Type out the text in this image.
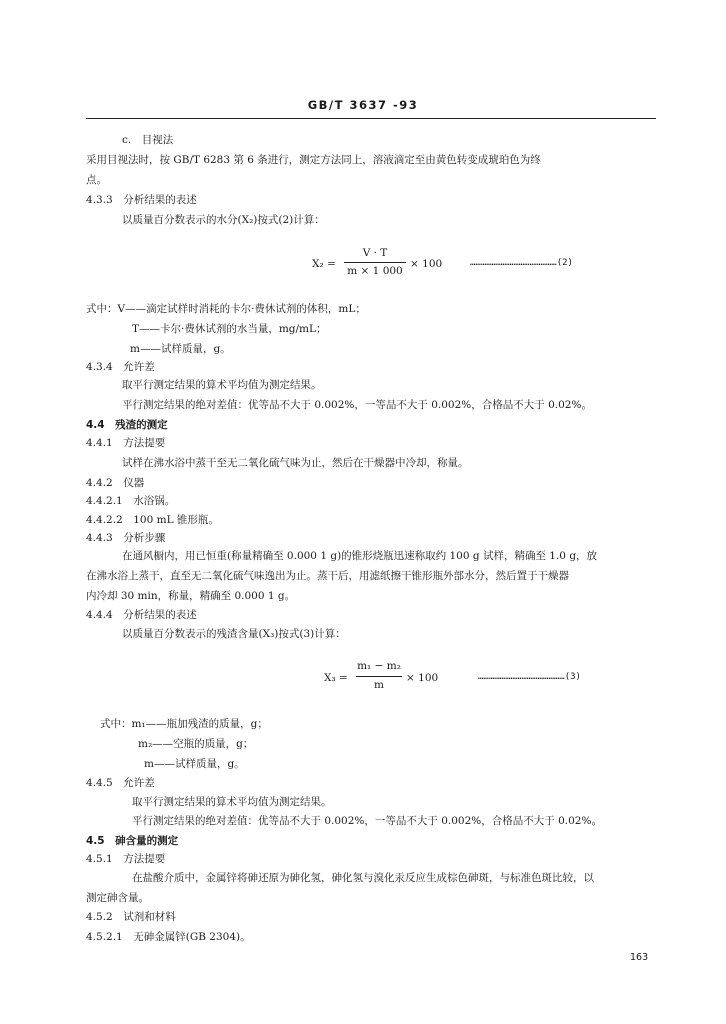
GB/T 3637 -93
c.　目视法
采用目视法时，按 GB/T 6283 第 6 条进行，测定方法同上，溶液滴定至由黄色转变成琥珀色为终
点。
4.3.3　分析结果的表述
以质量百分数表示的水分(X₂)按式(2)计算：
X₂ =
V · T
m × 1 000
× 100	…………………………………………(2)
式中：V——滴定试样时消耗的卡尔·费休试剂的体积，mL；
T——卡尔·费休试剂的水当量，mg/mL；
m——试样质量，g。
4.3.4　允许差
取平行测定结果的算术平均值为测定结果。
平行测定结果的绝对差值：优等品不大于 0.002%，一等品不大于 0.002%，合格品不大于 0.02%。
4.4　残渣的测定
4.4.1　方法提要
试样在沸水浴中蒸干至无二氧化硫气味为止，然后在干燥器中冷却，称量。
4.4.2　仪器
4.4.2.1　水浴锅。
4.4.2.2　100 mL 锥形瓶。
4.4.3　分析步骤
在通风橱内，用已恒重(称量精确至 0.000 1 g)的锥形烧瓶迅速称取约 100 g 试样，精确至 1.0 g，放
在沸水浴上蒸干，直至无二氧化硫气味逸出为止。蒸干后，用滤纸擦干锥形瓶外部水分，然后置于干燥器
内冷却 30 min，称量，精确至 0.000 1 g。
4.4.4　分析结果的表述
以质量百分数表示的残渣含量(X₃)按式(3)计算：
X₃ =
m₁ − m₂
m
× 100	…………………………………………(3)
式中：m₁——瓶加残渣的质量，g；
m₂——空瓶的质量，g；
m——试样质量，g。
4.4.5　允许差
取平行测定结果的算术平均值为测定结果。
平行测定结果的绝对差值：优等品不大于 0.002%，一等品不大于 0.002%，合格品不大于 0.02%。
4.5　砷含量的测定
4.5.1　方法提要
在盐酸介质中，金属锌将砷还原为砷化氢，砷化氢与溴化汞反应生成棕色砷斑，与标准色斑比较，以
测定砷含量。
4.5.2　试剂和材料
4.5.2.1　无砷金属锌(GB 2304)。
163
